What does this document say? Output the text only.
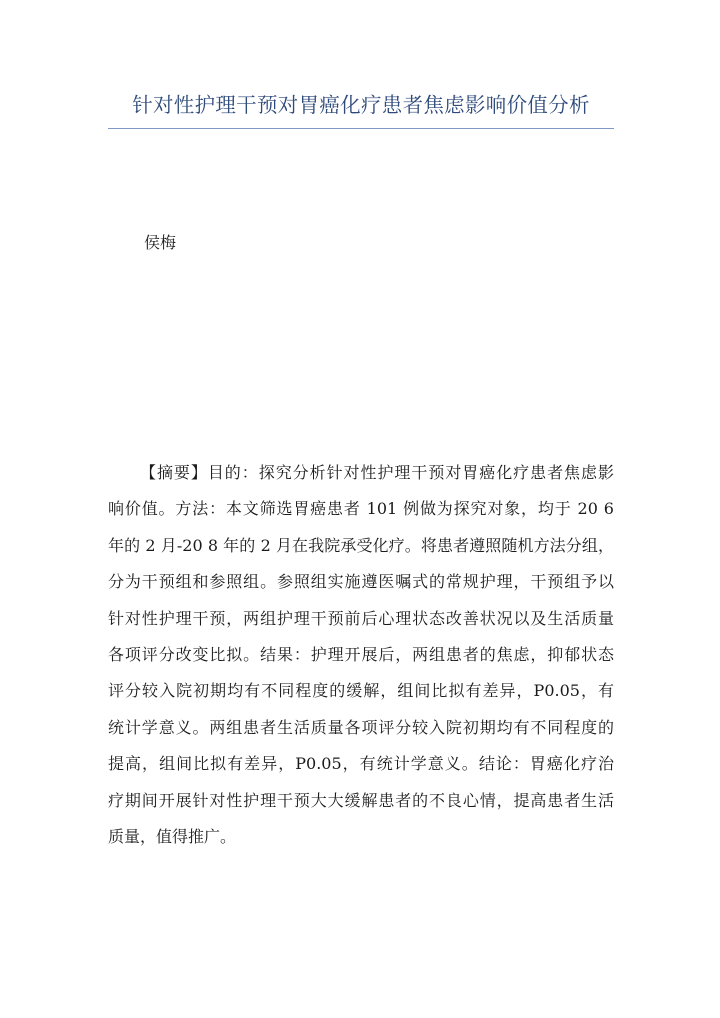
针对性护理干预对胃癌化疗患者焦虑影响价值分析
侯梅
【摘要】目的：探究分析针对性护理干预对胃癌化疗患者焦虑影
响价值。方法：本文筛选胃癌患者 101 例做为探究对象，均于 20 6
年的 2 月-20 8 年的 2 月在我院承受化疗。将患者遵照随机方法分组，
分为干预组和参照组。参照组实施遵医嘱式的常规护理，干预组予以
针对性护理干预，两组护理干预前后心理状态改善状况以及生活质量
各项评分改变比拟。结果：护理开展后，两组患者的焦虑，抑郁状态
评分较入院初期均有不同程度的缓解，组间比拟有差异，P0.05，有
统计学意义。两组患者生活质量各项评分较入院初期均有不同程度的
提高，组间比拟有差异，P0.05，有统计学意义。结论：胃癌化疗治
疗期间开展针对性护理干预大大缓解患者的不良心情，提高患者生活
质量，值得推广。
